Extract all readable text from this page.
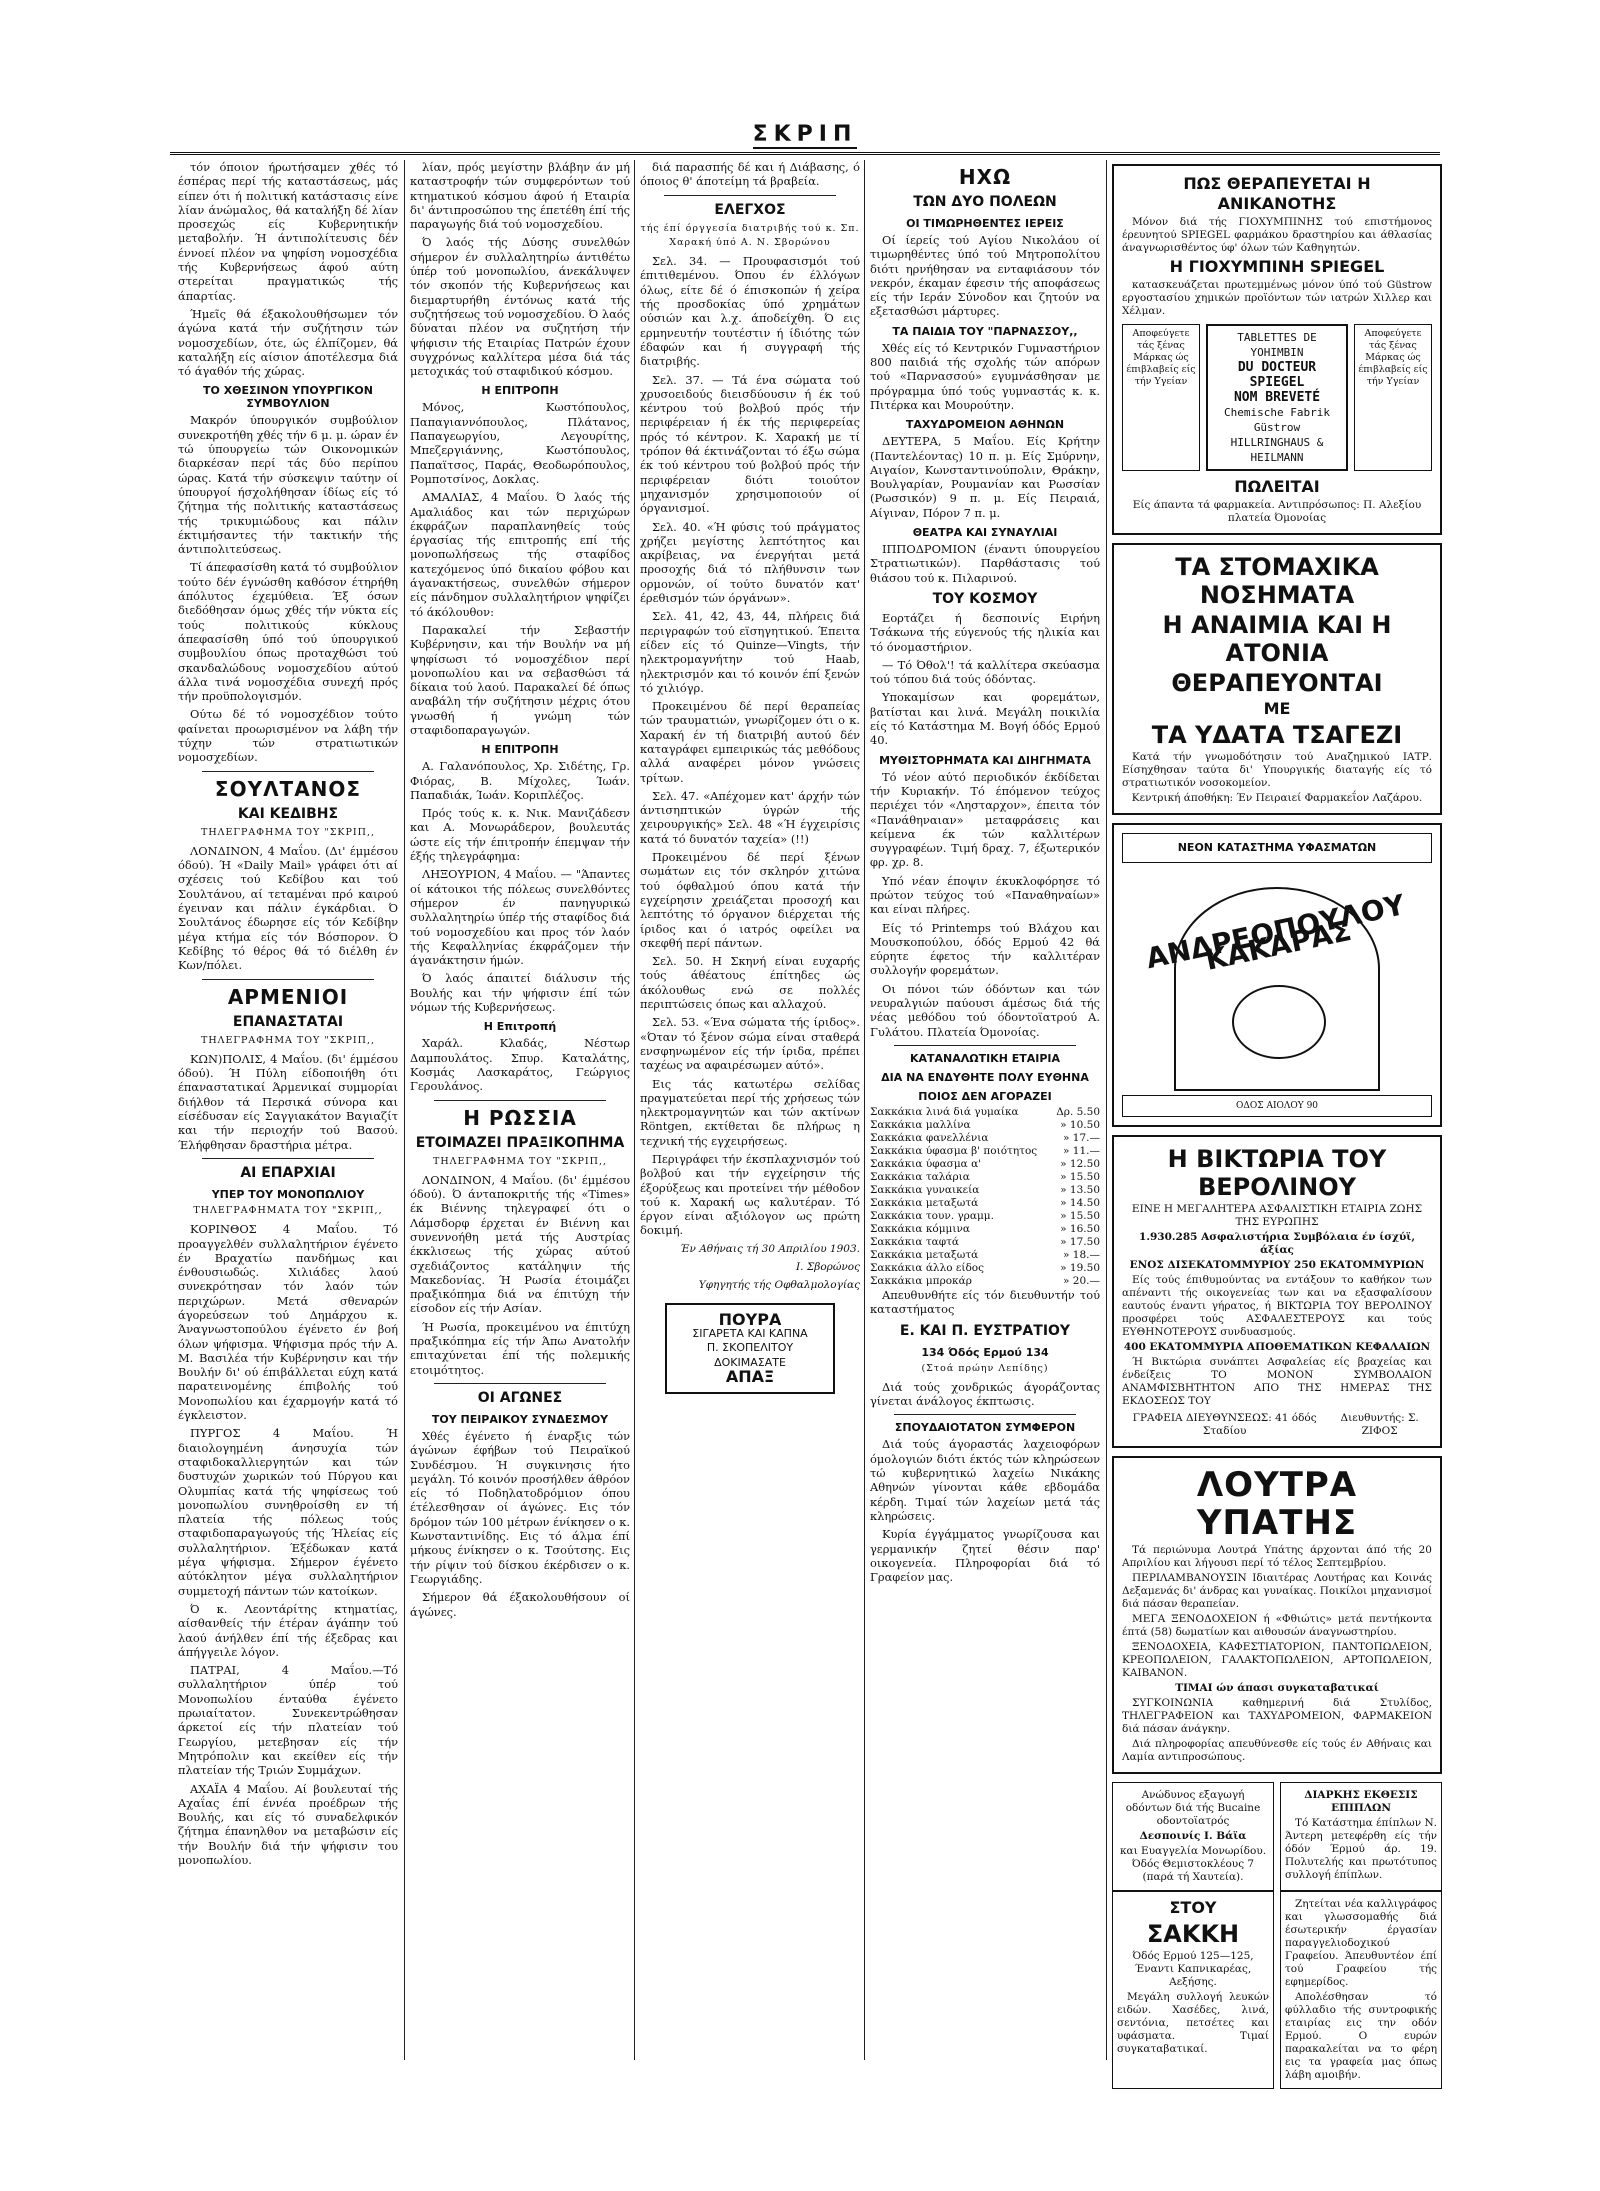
ΣΚΡΙΠ

τόν όποιον ήρωτήσαμεν χθές τό έσπέρας περί τής καταστάσεως, μάς είπεν ότι ή πολιτική κατάστασις είνε λίαν άνώμαλος, θά καταλήξη δέ λίαν προσεχώς είς Κυβερνητικήν μεταβολήν. Ή άντιπολίτευσις δέν έννοεί πλέον να ψηφίση νομοσχέδια τής Κυβερνήσεως άφού αύτη στερείται πραγματικώς τής άπαρτίας.

Ήμεῖς θά έξακολουθήσωμεν τόν άγώνα κατά τήν συζήτησιν τών νομοσχεδίων, ότε, ώς έλπίζομεν, θά καταλήξη είς αίσιον άποτέλεσμα διά τό άγαθόν τής χώρας.

ΤΟ ΧΘΕΣΙΝΟΝ ΥΠΟΥΡΓΙΚΟΝ ΣΥΜΒΟΥΛΙΟΝ

Μακρόν ύπουργικόν συμβούλιον συνεκροτήθη χθές τήν 6 μ. μ. ώραν έν τώ ύπουργείω τών Οικονομικών διαρκέσαν περί τάς δύο περίπου ώρας. Κατά τήν σύσκεψιν ταύτην οί ύπουργοί ήσχολήθησαν ίδίως είς τό ζήτημα τής πολιτικής καταστάσεως τής τρικυμιώδους και πάλιν έκτιμήσαντες τήν τακτικήν τής άντιπολιτεύσεως.

Τί άπεφασίσθη κατά τό συμβούλιον τούτο δέν έγνώσθη καθόσον έτηρήθη άπόλυτος έχεμύθεια. Έξ όσων διεδόθησαν όμως χθές τήν νύκτα είς τούς πολιτικούς κύκλους άπεφασίσθη ύπό τού ύπουργικού συμβουλίου όπως προταχθώσι τού σκανδαλώδους νομοσχεδίου αύτού άλλα τινά νομοσχέδια συνεχή πρός τήν προϋπολογισμόν.

Ούτω δέ τό νομοσχέδιον τούτο φαίνεται προωρισμένον να λάβη τήν τύχην τών στρατιωτικών νομοσχεδίων.

ΣΟΥΛΤΑΝΟΣ
ΚΑΙ ΚΕΔΙΒΗΣ
ΤΗΛΕΓΡΑΦΗΜΑ ΤΟΥ "ΣΚΡΙΠ,,

ΛΟΝΔΙΝΟΝ, 4 Μαΐου. (Δι' έμμέσου όδού). Ή «Daily Mail» γράφει ότι αί σχέσεις τού Κεδίβου και τού Σουλτάνου, αί τεταμέναι πρό καιρού έγειναν και πάλιν έγκάρδιαι. Ό Σουλτάνος έδωρησε είς τόν Κεδίβην μέγα κτήμα είς τόν Βόσπορον. Ό Κεδίβης τό θέρος θά τό διέλθη έν Κων/πόλει.

ΑΡΜΕΝΙΟΙ
ΕΠΑΝΑΣΤΑΤΑΙ
ΤΗΛΕΓΡΑΦΗΜΑ ΤΟΥ "ΣΚΡΙΠ,,

ΚΩΝ)ΠΟΛΙΣ, 4 Μαΐου. (δι' έμμέσου όδού). Ή Πύλη είδοποιήθη ότι έπαναστατικαί Άρμενικαί συμμορίαι διήλθον τά Περσικά σύνορα και είσέδυσαν είς Σαγγιακάτον Βαγιαζίτ και τήν περιοχήν τού Βασού. Έλήφθησαν δραστήρια μέτρα.

ΑΙ ΕΠΑΡΧΙΑΙ
ΥΠΕΡ ΤΟΥ ΜΟΝΟΠΩΛΙΟΥ
ΤΗΛΕΓΡΑΦΗΜΑΤΑ ΤΟΥ "ΣΚΡΙΠ,,

ΚΟΡΙΝΘΟΣ 4 Μαΐου. Τό προαγγελθέν συλλαλητήριον έγένετο έν Βραχατίω πανδήμως και ένθουσιωδώς. Χιλιάδες λαού συνεκρότησαν τόν λαόν τών περιχώρων. Μετά σθεναρών άγορεύσεων τού Δημάρχου κ. Άναγνωστοπούλου έγένετο έν βοή όλων ψήφισμα. Ψήφισμα πρός τήν Α. Μ. Βασιλέα τήν Κυβέρνησιν και τήν Βουλήν δι' ού έπιβάλλεται εύχη κατά παρατεινομένης έπιβολής τού Μονοπωλίου και έχαρμογήν κατά τό έγκλειστον.

ΠΥΡΓΟΣ 4 Μαΐου. Ή διαιολογημένη άνησυχία τών σταφιδοκαλλιεργητών και τών δυστυχών χωρικών τού Πύργου και Ολυμπίας κατά τής ψηφίσεως τού μονοπωλίου συνηθροίσθη εν τή πλατεία τής πόλεως τούς σταφιδοπαραγωγούς τής Ήλείας είς συλλαλητήριον. Έξέδωκαν κατά μέγα ψήφισμα. Σήμερον έγένετο αύτόκλητον μέγα συλλαλητήριον συμμετοχή πάντων τών κατοίκων.

Ό κ. Λεοντάρίτης κτηματίας, αίσθανθείς τήν έτέραν άγάπην τού λαού άνήλθεν έπί τής έξεδρας και άπήγγειλε λόγον.

ΠΑΤΡΑΙ, 4 Μαΐου.—Τό συλλαλητήριον ύπέρ τού Μονοπωλίου ένταύθα έγένετο πρωιαίτατον. Συνεκεντρώθησαν άρκετοί είς τήν πλατείαν τού Γεωργίου, μετεβησαν είς τήν Μητρόπολιν και εκείθεν είς τήν πλατείαν τής Τριών Συμμάχων.

ΑΧΑΪΑ 4 Μαΐου. Αί βουλευταί τής Αχαΐας έπί έννέα προέδρων τής Βουλής, και είς τό συναδελφικόν ζήτημα έπανηλθον να μεταβώσιν είς τήν Βουλήν διά τήν ψήφισιν του μονοπωλίου.

λίαν, πρός μεγίστην βλάβην άν μή καταστροφήν τών συμφερόντων τού κτηματικού κόσμου άφού ή Εταιρία δι' άντιπροσώπου της έπετέθη έπί τής παραγωγής διά τού νομοσχεδίου.

Ό λαός τής Δύσης συνελθών σήμερον έν συλλαλητηρίω άντιθέτω ύπέρ τού μονοπωλίου, άνεκάλυψεν τόν σκοπόν τής Κυβερνήσεως και διεμαρτυρήθη έντόνως κατά τής συζητήσεως τού νομοσχεδίου. Ό λαός δύναται πλέον να συζητήση τήν ψήφισιν τής Εταιρίας Πατρών έχουν συγχρόνως καλλίτερα μέσα διά τάς μετοχικάς τού σταφιδικού κόσμου.

Η ΕΠΙΤΡΟΠΗ

Μόνος, Κωστόπουλος, Παπαγιαννόπουλος, Πλάτανος, Παπαγεωργίου, Λεγουρίτης, Μπεζεργιάννης, Κωστόπουλος, Παπαϊτσος, Παράς, Θεοδωρόπουλος, Ρομποτσίνος, Δοκλας.

ΑΜΑΛΙΑΣ, 4 Μαΐου. Ό λαός τής Αμαλιάδος και τών περιχώρων έκφράζων παραπλανηθείς τούς έργασίας τής επιτροπής επί τής μονοπωλήσεως τής σταφίδος κατεχόμενος ύπό δικαίου φόβου και άγανακτήσεως, συνελθών σήμερον είς πάνδημον συλλαλητήριον ψηφίζει τό άκόλουθον:

Παρακαλεί τήν Σεβαστήν Κυβέρνησιν, και τήν Βουλήν να μή ψηφίσωσι τό νομοσχέδιον περί μονοπωλίου και να σεβασθώσι τά δίκαια τού λαού. Παρακαλεί δέ όπως αναβάλη τήν συζήτησιν μέχρις ότου γνωσθή ή γνώμη τών σταφιδοπαραγωγών.

Η ΕΠΙΤΡΟΠΗ

Α. Γαλανόπουλος, Χρ. Σιδέτης, Γρ. Φιόρας, Β. Μίχολες, Ίωάν. Παπαδιάκ, Ίωάν. Κοριπλέζος.

Πρός τούς κ. κ. Νικ. Μανιζάδεσν και Α. Μονωράδερον, βουλευτάς ώστε είς τήν έπιτροπήν έπεμψαν τήν έξής τηλεγράφημα:

ΛΗΞΟΥΡΙΟΝ, 4 Μαΐου. — "Άπαντες οί κάτοικοι τής πόλεως συνελθόντες σήμερον έν πανηγυρικώ συλλαλητηρίω ύπέρ τής σταφίδος διά τού νομοσχεδίου και προς τόν λαόν τής Κεφαλληνίας έκφράζομεν τήν άγανάκτησιν ήμών.

Ό λαός άπαιτεί διάλυσιν τής Βουλής και τήν ψήφισιν έπί τών νόμων τής Κυβερνήσεως.

Η Επιτροπή

Χαράλ. Κλαδάς, Νέστωρ Δαμπουλάτος. Σπυρ. Καταλάτης, Κοσμάς Λασκαράτος, Γεώργιος Γερουλάνος.

Η ΡΩΣΣΙΑ
ΕΤΟΙΜΑΖΕΙ ΠΡΑΞΙΚΟΠΗΜΑ
ΤΗΛΕΓΡΑΦΗΜΑ ΤΟΥ "ΣΚΡΙΠ,,

ΛΟΝΔΙΝΟΝ, 4 Μαΐου. (δι' έμμέσου όδού). Ό άνταποκριτής τής «Times» έκ Βιέννης τηλεγραφεί ότι ο Λάμσδορφ έρχεται έν Βιέννη και συνεννοήθη μετά τής Αυστρίας έκκλισεως τής χώρας αύτού σχεδιάζοντος κατάληψιν τής Μακεδονίας. Ή Ρωσία έτοιμάζει πραξικόπημα διά να έπιτύχη τήν είσοδον είς τήν Ασίαν.

Ή Ρωσία, προκειμένου να έπιτύχη πραξικόπημα είς τήν Άπω Ανατολήν επιταχύνεται έπί τής πολεμικής ετοιμότητος.

ΟΙ ΑΓΩΝΕΣ
ΤΟΥ ΠΕΙΡΑΙΚΟΥ ΣΥΝΔΕΣΜΟΥ

Χθές έγένετο ή έναρξις τών άγώνων έφήβων τού Πειραϊκού Συνδέσμου. Ή συγκινησις ήτο μεγάλη. Τό κοινόν προσήλθεν άθρόον είς τό Ποδηλατοδρόμιον όπου έτέλεσθησαν οί άγώνες. Εις τόν δρόμον τών 100 μέτρων ένίκησεν ο κ. Κωνσταντινίδης. Εις τό άλμα έπί μήκους ένίκησεν ο κ. Τσούτσης. Εις τήν ρίψιν τού δίσκου έκέρδισεν ο κ. Γεωργιάδης.

Σήμερον θά έξακολουθήσουν οί άγώνες.

διά παρασπής δέ και ή Διάβασης, ό όποιος θ' άποτείμη τά βραβεία.

ΕΛΕΓΧΟΣ
τής έπί όργγεσία διατριβής τού κ. Σπ. Χαρακή ύπό Α. Ν. Σβορώνου

Σελ. 34. — Προυφασισμόι τού έπιτιθεμένου. Όπου έν έλλόγων όλως, είτε δέ ό έπισκοπών ή χείρα τής προσδοκίας ύπό χρημάτων ούσιών και λ.χ. άποδείχθη. Ό εις ερμηνευτήν τουτέστιν ή ίδιότης τών έδαφών και ή συγγραφή τής διατριβής.

Σελ. 37. — Τά ένα σώματα τού χρυσοειδούς διεισδύουσιν ή έκ τού κέντρου τού βολβού πρός τήν περιφέρειαν ή έκ τής περιφερείας πρός τό κέντρον. Κ. Χαρακή με τί τρόπον θά έκτινάζονται τό έξω σώμα έκ τού κέντρου τού βολβού πρός τήν περιφέρειαν διότι τοιούτον μηχανισμόν χρησιμοποιούν οί όργανισμοί.

Σελ. 40. «Ή φύσις τού πράγματος χρήζει μεγίστης λεπτότητος και ακρίβειας, να ένεργήται μετά προσοχής διά τό πλήθυνσιν των ορμονών, οί τούτο δυνατόν κατ' έρεθισμόν τών όργάνων».

Σελ. 41, 42, 43, 44, πλήρεις διά περιγραφών τού εϊσηγητικού. Έπειτα είδεν είς τό Quinze—Vingts, τήν ηλεκτρομαγνήτην τού Haab, ηλεκτρισμόν και τό κοινόν έπί ξενών τό χιλιόγρ.

Προκειμένου δέ περί θεραπείας τών τραυματιών, γνωρίζομεν ότι ο κ. Χαρακή έν τή διατριβή αυτού δέν καταγράφει εμπειρικώς τάς μεθόδους αλλά αναφέρει μόνον γνώσεις τρίτων.

Σελ. 47. «Απέχομεν κατ' άρχήν τών άντισηπτικών ύγρών τής χειρουργικής» Σελ. 48 «Ή έγχειρίσις κατά τό δυνατόν ταχεία» (!!)

Προκειμένου δέ περί ξένων σωμάτων εις τόν σκληρόν χιτώνα τού όφθαλμού όπου κατά τήν εγχείρησιν χρειάζεται προσοχή και λεπτότης τό όργανον διέρχεται τής ίριδος και ό ιατρός οφείλει να σκεφθή περί πάντων.

Σελ. 50. Η Σκηνή είναι ευχαρής τούς άθέατους έπίτηδες ώς άκόλουθως ενώ σε πολλές περιπτώσεις όπως και αλλαχού.

Σελ. 53. «Ένα σώματα τής ίριδος». «Όταν τό ξένον σώμα είναι σταθερά ενσφηνωμένον είς τήν ίριδα, πρέπει ταχέως να αφαιρέσωμεν αύτό».

Εις τάς κατωτέρω σελίδας πραγματεύεται περί τής χρήσεως τών ηλεκτρομαγνητών και τών ακτίνων Röntgen, εκτίθεται δε πλήρως η τεχνική τής εγχειρήσεως.

Περιγράφει τήν έκσπλαχνισμόν τού βολβού και τήν εγχείρησιν τής έξορύξεως και προτείνει τήν μέθοδον τού κ. Χαρακή ως καλυτέραν. Τό έργον είναι αξιόλογον ως πρώτη δοκιμή.

Έν Αθήναις τή 30 Απριλίου 1903.

Ι. Σβορώνος

Υφηγητής τής Οφθαλμολογίας

ΠΟΥΡΑ
ΣΙΓΑΡΕΤΑ ΚΑΙ ΚΑΠΝΑ
Π. ΣΚΟΠΕΛΙΤΟΥ
ΔΟΚΙΜΑΣΑΤΕ
ΑΠΑΞ
ΗΧΩ
ΤΩΝ ΔΥΟ ΠΟΛΕΩΝ
ΟΙ ΤΙΜΩΡΗΘΕΝΤΕΣ ΙΕΡΕΙΣ

Οί ίερείς τού Αγίου Νικολάου οί τιμωρηθέντες ύπό τού Μητροπολίτου διότι ηρνήθησαν να ενταφιάσουν τόν νεκρόν, έκαμαν έφεσιν τής αποφάσεως είς τήν Ιεράν Σύνοδον και ζητούν να εξετασθώσι μάρτυρες.

ΤΑ ΠΑΙΔΙΑ ΤΟΥ "ΠΑΡΝΑΣΣΟΥ,,

Χθές είς τό Κεντρικόν Γυμναστήριον 800 παιδιά τής σχολής τών απόρων τού «Παρνασσού» εγυμνάσθησαν με πρόγραμμα ύπό τούς γυμναστάς κ. κ. Πιτέρκα και Μουρούτην.

ΤΑΧΥΔΡΟΜΕΙΟΝ ΑΘΗΝΩΝ

ΔΕΥΤΕΡΑ, 5 Μαΐου. Είς Κρήτην (Παντελέοντας) 10 π. μ. Είς Σμύρνην, Αιγαίον, Κωνσταντινούπολιν, Θράκην, Βουλγαρίαν, Ρουμανίαν και Ρωσσίαν (Ρωσσικόν) 9 π. μ. Είς Πειραιά, Αίγιναν, Πόρον 7 π. μ.

ΘΕΑΤΡΑ ΚΑΙ ΣΥΝΑΥΛΙΑΙ

ΙΠΠΟΔΡΟΜΙΟΝ (έναντι ύπουργείου Στρατιωτικών). Παρθάστασις τού θιάσου τού κ. Πιλαρινού.

ΤΟΥ ΚΟΣΜΟΥ

Εορτάζει ή δεσποινίς Ειρήνη Τσάκωνα τής εύγενούς τής ηλικία και τό όνομαστήριον.

— Τό Όθολ'! τά καλλίτερα σκεύασμα τού τόπου διά τούς όδόντας.

Υποκαμίσων και φορεμάτων, βατίσται και λινά. Μεγάλη ποικιλία είς τό Κατάστημα Μ. Βογή όδός Ερμού 40.

ΜΥΘΙΣΤΟΡΗΜΑΤΑ ΚΑΙ ΔΙΗΓΗΜΑΤΑ

Τό νέον αύτό περιοδικόν έκδίδεται τήν Κυριακήν. Τό έπόμενον τεύχος περιέχει τόν «Λησταρχον», έπειτα τόν «Πανάθηναιαν» μεταφράσεις και κείμενα έκ τών καλλιτέρων συγγραφέων. Τιμή δραχ. 7, έξωτερικόν φρ. χρ. 8.

Υπό νέαν έποψιν έκυκλοφόρησε τό πρώτον τεύχος τού «Παναθηναίων» και είναι πλήρες.

Είς τό Printemps τού Βλάχου και Μουσκοπούλου, όδός Ερμού 42 θά εύρητε έφετος τήν καλλιτέραν συλλογήν φορεμάτων.

Οι πόνοι τών όδόντων και τών νευραλγιών παύουσι άμέσως διά τής νέας μεθόδου τού όδοντοϊατρού Α. Γυλάτου. Πλατεία Όμονοίας.

ΚΑΤΑΝΑΛΩΤΙΚΗ ΕΤΑΙΡΙΑ
ΔΙΑ ΝΑ ΕΝΔΥΘΗΤΕ ΠΟΛΥ ΕΥΘΗΝΑ
ΠΟΙΟΣ ΔΕΝ ΑΓΟΡΑΖΕΙ
Σακκάκια λινά διά γυμαίκα	Δρ. 5.50
Σακκάκια μαλλίνα	» 10.50
Σακκάκια φανελλένια	» 17.—
Σακκάκια ύφασμα β' ποιότητος » 11.—
Σακκάκια ύφασμα α'	» 12.50
Σακκάκια ταλάρια	» 15.50
Σακκάκια γυναικεία	» 13.50
Σακκάκια μεταξωτά	» 14.50
Σακκάκια τουν. γραμμ.	» 15.50
Σακκάκια κόμμινα	» 16.50
Σακκάκια ταφτά	» 17.50
Σακκάκια μεταξωτά	» 18.—
Σακκάκια άλλο είδος	» 19.50
Σακκάκια μπροκάρ	» 20.—

Απευθυνθήτε είς τόν διευθυντήν τού καταστήματος

Ε. ΚΑΙ Π. ΕΥΣΤΡΑΤΙΟΥ
134 Όδός Ερμού 134
(Στοά πρώην Λεπίδης)

Διά τούς χονδρικώς άγοράζοντας γίνεται άνάλογος έκπτωσις.

ΣΠΟΥΔΑΙΟΤΑΤΟΝ ΣΥΜΦΕΡΟΝ

Διά τούς άγοραστάς λαχειοφόρων όμολογιών διότι έκτός τών κληρώσεων τώ κυβερνητικώ λαχείω Νικάκης Αθηνών γίνονται κάθε εβδομάδα κέρδη. Τιμαί τών λαχείων μετά τάς κληρώσεις.

Κυρία έγγάμματος γνωρίζουσα και γερμανικήν ζητεί θέσιν παρ' οικογενεία. Πληροφορίαι διά τό Γραφείον μας.

ΠΩΣ ΘΕΡΑΠΕΥΕΤΑΙ Η ΑΝΙΚΑΝΟΤΗΣ

Μόνον διά τής ΓΙΟΧΥΜΠΙΝΗΣ τού επιστήμονος έρευνητού SPIEGEL φαρμάκου δραστηρίου και άθλασίας άναγνωρισθέντος ύφ' όλων τών Καθηγητών.

Η ΓΙΟΧΥΜΠΙΝΗ SPIEGEL

κατασκευάζεται πρωτεμμένως μόνον ύπό τού Güstrow εργοστασίου χημικών προϊόντων τών ιατρών Χιλλερ και Χέλμαν.

Αποφεύγετε τάς ξένας Μάρκας ώς έπιβλαβείς είς τήν Υγείαν
TABLETTES DE YOHIMBIN
DU DOCTEUR SPIEGEL
NOM BREVETÉ
Chemische Fabrik Güstrow
HILLRINGHAUS & HEILMANN
Αποφεύγετε τάς ξένας Μάρκας ώς έπιβλαβείς είς τήν Υγείαν
ΠΩΛΕΙΤΑΙ

Είς άπαντα τά φαρμακεία. Αντιπρόσωπος: Π. Αλεξίου πλατεία Όμονοίας

ΤΑ ΣΤΟΜΑΧΙΚΑ ΝΟΣΗΜΑΤΑ
Η ΑΝΑΙΜΙΑ ΚΑΙ Η ΑΤΟΝΙΑ
ΘΕΡΑΠΕΥΟΝΤΑΙ
ΜΕ
ΤΑ ΥΔΑΤΑ ΤΣΑΓΕΖΙ

Κατά τήν γνωμοδότησιν τού Αναζημικού ΙΑΤΡ. Είσηχθησαν ταύτα δι' Υπουργικής διαταγής είς τό στρατιωτικόν νοσοκομείον.

Κεντρική άποθήκη: Έν Πειραιεί Φαρμακεΐον Λαζάρου.

ΝΕΟΝ ΚΑΤΑΣΤΗΜΑ ΥΦΑΣΜΑΤΩΝ
ΑΝΔΡΕΟΠΟΥΛΟΥ ΚΑΚΑΡΑΣ
ΟΔΟΣ ΑΙΟΛΟΥ 90
Η ΒΙΚΤΩΡΙΑ ΤΟΥ ΒΕΡΟΛΙΝΟΥ

ΕΙΝΕ Η ΜΕΓΑΛΗΤΕΡΑ ΑΣΦΑΛΙΣΤΙΚΗ ΕΤΑΙΡΙΑ ΖΩΗΣ ΤΗΣ ΕΥΡΩΠΗΣ

1.930.285 Ασφαλιστήρια Συμβόλαια έν ίσχύϊ, άξίας

ΕΝΟΣ ΔΙΣΕΚΑΤΟΜΜΥΡΙΟΥ 250 ΕΚΑΤΟΜΜΥΡΙΩΝ

Είς τούς έπιθυμούντας να εντάξουν το καθήκον των απέναντι τής οικογενείας των και να εξασφαλίσουν εαυτούς έναντι γήρατος, ή ΒΙΚΤΩΡΙΑ ΤΟΥ ΒΕΡΟΛΙΝΟΥ προσφέρει τούς ΑΣΦΑΛΕΣΤΕΡΟΥΣ και τούς ΕΥΘΗΝΟΤΕΡΟΥΣ συνδυασμούς.

400 ΕΚΑΤΟΜΜΥΡΙΑ ΑΠΟΘΕΜΑΤΙΚΩΝ ΚΕΦΑΛΑΙΩΝ

Ή Βικτώρια συνάπτει Ασφαλείας είς βραχείας και ένδείξεις ΤΟ ΜΟΝΟΝ ΣΥΜΒΟΛΑΙΟΝ ΑΝΑΜΦΙΣΒΗΤΗΤΟΝ ΑΠΟ ΤΗΣ ΗΜΕΡΑΣ ΤΗΣ ΕΚΔΟΣΕΩΣ ΤΟΥ

ΓΡΑΦΕΙΑ ΔΙΕΥΘΥΝΣΕΩΣ: 41 όδός Σταδίου
Διευθυντής: Σ. ΖΙΦΟΣ
ΛΟΥΤΡΑ ΥΠΑΤΗΣ

Τά περιώνυμα Λουτρά Υπάτης άρχονται άπό τής 20 Απριλίου και λήγουσι περί τό τέλος Σεπτεμβρίου.

ΠΕΡΙΛΑΜΒΑΝΟΥΣΙΝ Ιδιαιτέρας Λουτήρας και Κοινάς Δεξαμενάς δι' άνδρας και γυναίκας. Ποικίλοι μηχανισμοί διά πάσαν θεραπείαν.

ΜΕΓΑ ΞΕΝΟΔΟΧΕΙΟΝ ή «Φθιώτις» μετά πεντήκοντα έπτά (58) δωματίων και αιθουσών άναγνωστηρίου.

ΞΕΝΟΔΟΧΕΙΑ, ΚΑΦΕΣΤΙΑΤΟΡΙΟΝ, ΠΑΝΤΟΠΩΛΕΙΟΝ, ΚΡΕΟΠΩΛΕΙΟΝ, ΓΑΛΑΚΤΟΠΩΛΕΙΟΝ, ΑΡΤΟΠΩΛΕΙΟΝ, ΚΑΙΒΑΝΟΝ.

ΤΙΜΑΙ ών άπασι συγκαταβατικαί

ΣΥΓΚΟΙΝΩΝΙΑ καθημερινή διά Στυλίδος, ΤΗΛΕΓΡΑΦΕΙΟΝ και ΤΑΧΥΔΡΟΜΕΙΟΝ, ΦΑΡΜΑΚΕΙΟΝ διά πάσαν άνάγκην.

Διά πληροφορίας απευθύνεσθε είς τούς έν Αθήναις και Λαμία αντιπροσώπους.

Ανώδυνος εξαγωγή οδόντων διά τής Bucaine οδοντοϊατρός

Δεσποινίς Ι. Βάϊα

και Ευαγγελία Μονωρίδου. Όδός Θεμιστοκλέους 7 (παρά τή Χαυτεία).

ΔΙΑΡΚΗΣ ΕΚΘΕΣΙΣ ΕΠΙΠΛΩΝ

Τό Κατάστημα έπίπλων Ν. Άντερη μετεφέρθη είς τήν όδόν Έρμού άρ. 19. Πολυτελής και πρωτότυπος συλλογή έπίπλων.

ΣΤΟΥ
ΣΑΚΚΗ

Όδός Ερμού 125—125, Έναντι Καπνικαρέας, Αεξήσης.

Μεγάλη συλλογή λευκών ειδών. Χασέδες, λινά, σεντόνια, πετσέτες και υφάσματα. Τιμαί συγκαταβατικαί.

Ζητείται νέα καλλιγράφος και γλωσσομαθής διά έσωτερικήν έργασίαν παραγγελιοδοχικού Γραφείου. Άπευθυντέον έπί τού Γραφείου τής εφημερίδος.

Απολέσθησαν τό φύλλαδιο τής συντροφικής εταιρίας εις την οδόν Ερμού. Ο ευρών παρακαλείται να το φέρη εις τα γραφεία μας όπως λάβη αμοιβήν.
